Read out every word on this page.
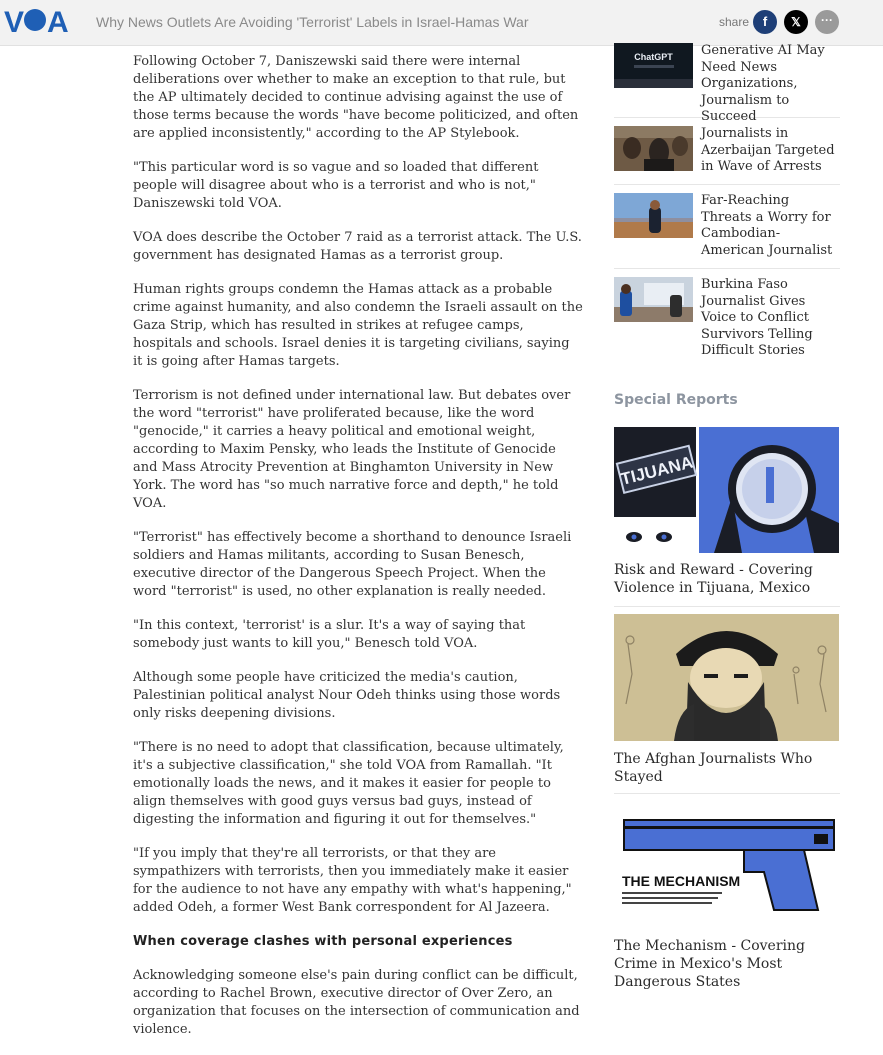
V A Why News Outlets Are Avoiding 'Terrorist' Labels in Israel-Hamas War	share	f	𝕏	···

Following October 7, Daniszewski said there were internal deliberations over whether to make an exception to that rule, but the AP ultimately decided to continue advising against the use of those terms because the words "have become politicized, and often are applied inconsistently," according to the AP Stylebook.

"This particular word is so vague and so loaded that different people will disagree about who is a terrorist and who is not," Daniszewski told VOA.

VOA does describe the October 7 raid as a terrorist attack. The U.S. government has designated Hamas as a terrorist group.

Human rights groups condemn the Hamas attack as a probable crime against humanity, and also condemn the Israeli assault on the Gaza Strip, which has resulted in strikes at refugee camps, hospitals and schools. Israel denies it is targeting civilians, saying it is going after Hamas targets.

Terrorism is not defined under international law. But debates over the word "terrorist" have proliferated because, like the word "genocide," it carries a heavy political and emotional weight, according to Maxim Pensky, who leads the Institute of Genocide and Mass Atrocity Prevention at Binghamton University in New York. The word has "so much narrative force and depth," he told VOA.

"Terrorist" has effectively become a shorthand to denounce Israeli soldiers and Hamas militants, according to Susan Benesch, executive director of the Dangerous Speech Project. When the word "terrorist" is used, no other explanation is really needed.

"In this context, 'terrorist' is a slur. It's a way of saying that somebody just wants to kill you," Benesch told VOA.

Although some people have criticized the media's caution, Palestinian political analyst Nour Odeh thinks using those words only risks deepening divisions.

"There is no need to adopt that classification, because ultimately, it's a subjective classification," she told VOA from Ramallah. "It emotionally loads the news, and it makes it easier for people to align themselves with good guys versus bad guys, instead of digesting the information and figuring it out for themselves."

"If you imply that they're all terrorists, or that they are sympathizers with terrorists, then you immediately make it easier for the audience to not have any empathy with what's happening," added Odeh, a former West Bank correspondent for Al Jazeera.

When coverage clashes with personal experiences

Acknowledging someone else's pain during conflict can be difficult, according to Rachel Brown, executive director of Over Zero, an organization that focuses on the intersection of communication and violence.

ChatGPT Generative AI May Need News Organizations, Journalism to Succeed
Journalists in Azerbaijan Targeted in Wave of Arrests
Far-Reaching Threats a Worry for Cambodian-American Journalist
Burkina Faso Journalist Gives Voice to Conflict Survivors Telling Difficult Stories
Special Reports
TIJUANA
Risk and Reward - Covering Violence in Tijuana, Mexico
The Afghan Journalists Who Stayed
THE MECHANISM
The Mechanism - Covering Crime in Mexico's Most Dangerous States
